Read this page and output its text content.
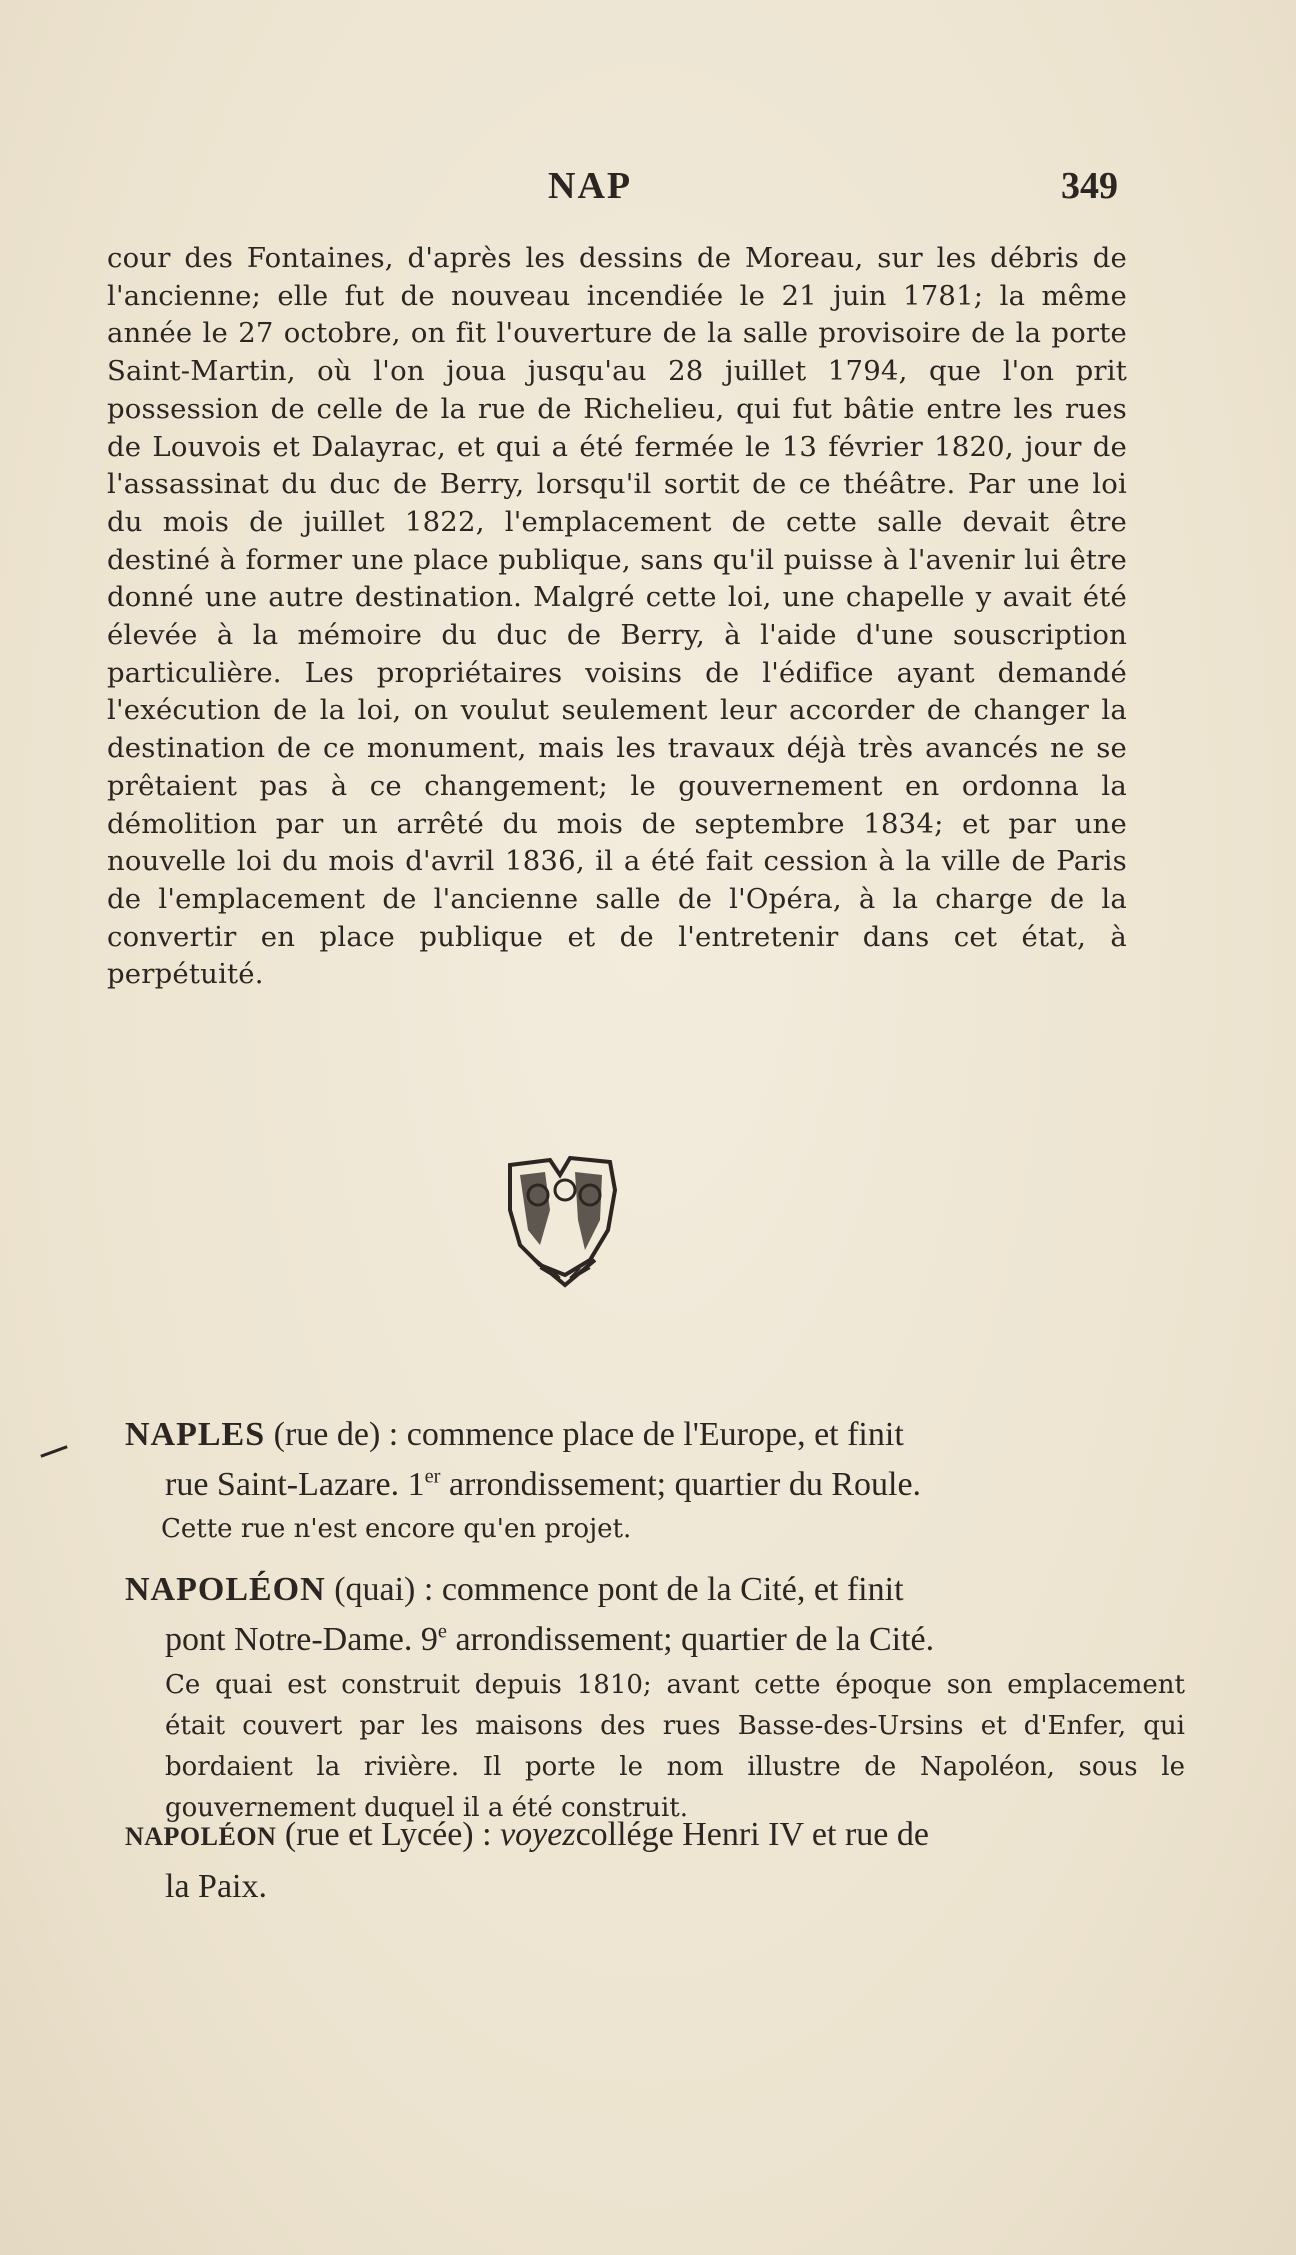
NAP	349
cour des Fontaines, d'après les dessins de Moreau, sur les débris de l'ancienne; elle fut de nouveau incendiée le 21 juin 1781; la même année le 27 octobre, on fit l'ouverture de la salle provisoire de la porte Saint-Martin, où l'on joua jusqu'au 28 juillet 1794, que l'on prit possession de celle de la rue de Richelieu, qui fut bâtie entre les rues de Louvois et Dalayrac, et qui a été fermée le 13 février 1820, jour de l'assassinat du duc de Berry, lorsqu'il sortit de ce théâtre. Par une loi du mois de juillet 1822, l'emplacement de cette salle devait être destiné à former une place publique, sans qu'il puisse à l'avenir lui être donné une autre destination. Malgré cette loi, une chapelle y avait été élevée à la mémoire du duc de Berry, à l'aide d'une souscription particulière. Les propriétaires voisins de l'édifice ayant demandé l'exécution de la loi, on voulut seulement leur accorder de changer la destination de ce monument, mais les travaux déjà très avancés ne se prêtaient pas à ce changement; le gouvernement en ordonna la démolition par un arrêté du mois de septembre 1834; et par une nouvelle loi du mois d'avril 1836, il a été fait cession à la ville de Paris de l'emplacement de l'ancienne salle de l'Opéra, à la charge de la convertir en place publique et de l'entretenir dans cet état, à perpétuité.
NAPLES (rue de) : commence place de l'Europe, et finit
rue Saint-Lazare. 1er arrondissement; quartier du Roule.
Cette rue n'est encore qu'en projet.
NAPOLÉON (quai) : commence pont de la Cité, et finit
pont Notre-Dame. 9e arrondissement; quartier de la Cité.
Ce quai est construit depuis 1810; avant cette époque son emplacement était couvert par les maisons des rues Basse-des-Ursins et d'Enfer, qui bordaient la rivière. Il porte le nom illustre de Napoléon, sous le gouvernement duquel il a été construit.
NAPOLÉON (rue et Lycée) : voyezcollége Henri IV et rue de
la Paix.
